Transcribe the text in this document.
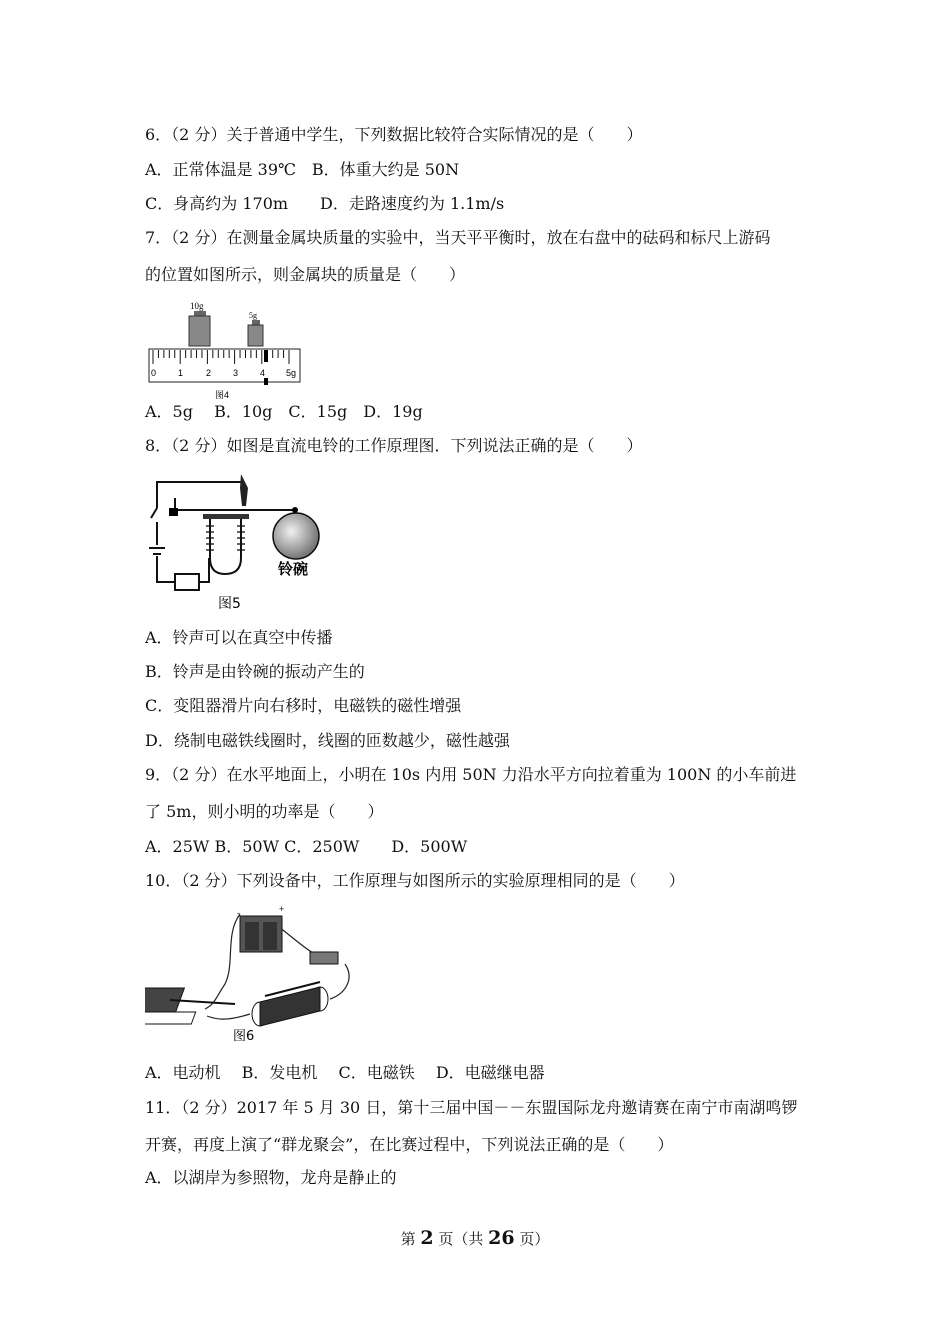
6．（2 分）关于普通中学生，下列数据比较符合实际情况的是（　　）
A．正常体温是 39℃　B．体重大约是 50N
C．身高约为 170m　　D．走路速度约为 1.1m/s
7．（2 分）在测量金属块质量的实验中，当天平平衡时，放在右盘中的砝码和标尺上游码
的位置如图所示，则金属块的质量是（　　）
10g
5g
0 1	2 3 4 5g
图4
A．5g　 B．10g　C．15g　D．19g
8．（2 分）如图是直流电铃的工作原理图．下列说法正确的是（　　）
铃碗
图5
A．铃声可以在真空中传播
B．铃声是由铃碗的振动产生的
C．变阻器滑片向右移时，电磁铁的磁性增强
D．绕制电磁铁线圈时，线圈的匝数越少，磁性越强
9．（2 分）在水平地面上，小明在 10s 内用 50N 力沿水平方向拉着重为 100N 的小车前进
了 5m，则小明的功率是（　　）
A．25W B．50W C．250W　　D．500W
10．（2 分）下列设备中，工作原理与如图所示的实验原理相同的是（　　）
-	+
图6
A．电动机　 B．发电机　 C．电磁铁　 D．电磁继电器
11．（2 分）2017 年 5 月 30 日，第十三届中国－－东盟国际龙舟邀请赛在南宁市南湖鸣锣
开赛，再度上演了“群龙聚会”，在比赛过程中，下列说法正确的是（　　）
A．以湖岸为参照物，龙舟是静止的
第 2 页（共 26 页）
